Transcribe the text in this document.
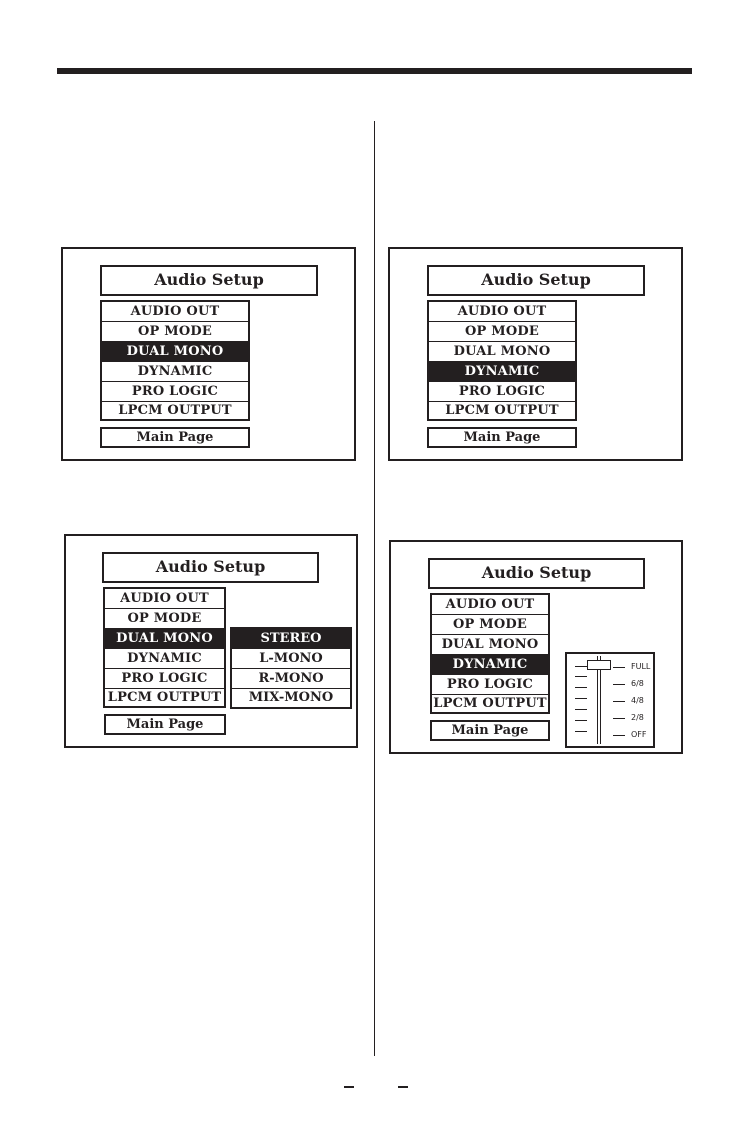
Audio Setup
AUDIO OUT
OP MODE
DUAL MONO
DYNAMIC
PRO LOGIC
LPCM OUTPUT
Main Page
Audio Setup
AUDIO OUT
OP MODE
DUAL MONO
DYNAMIC
PRO LOGIC
LPCM OUTPUT
Main Page
Audio Setup
AUDIO OUT
OP MODE
DUAL MONO
DYNAMIC
PRO LOGIC
LPCM OUTPUT
Main Page
STEREO
L-MONO
R-MONO
MIX-MONO
Audio Setup
AUDIO OUT
OP MODE
DUAL MONO
DYNAMIC
PRO LOGIC
LPCM OUTPUT
Main Page
FULL
6/8
4/8
2/8
OFF
